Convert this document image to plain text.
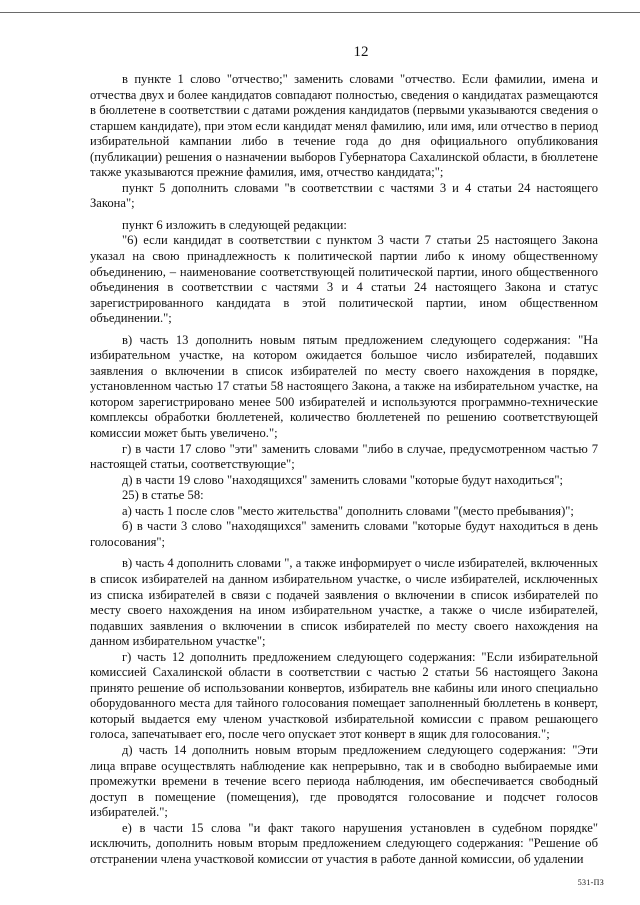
12

в пункте 1 слово "отчество;" заменить словами "отчество. Если фамилии, имена и отчества двух и более кандидатов совпадают полностью, сведения о кандидатах размещаются в бюллетене в соответствии с датами рождения кандидатов (первыми указываются сведения о старшем кандидате), при этом если кандидат менял фамилию, или имя, или отчество в период избирательной кампании либо в течение года до дня официального опубликования (публикации) решения о назначении выборов Губернатора Сахалинской области, в бюллетене также указываются прежние фамилия, имя, отчество кандидата;";

пункт 5 дополнить словами "в соответствии с частями 3 и 4 статьи 24 настоящего Закона";

пункт 6 изложить в следующей редакции:

"6) если кандидат в соответствии с пунктом 3 части 7 статьи 25 настоящего Закона указал на свою принадлежность к политической партии либо к иному общественному объединению, – наименование соответствующей политической партии, иного общественного объединения в соответствии с частями 3 и 4 статьи 24 настоящего Закона и статус зарегистрированного кандидата в этой политической партии, ином общественном объединении.";

в) часть 13 дополнить новым пятым предложением следующего содержания: "На избирательном участке, на котором ожидается большое число избирателей, подавших заявления о включении в список избирателей по месту своего нахождения в порядке, установленном частью 17 статьи 58 настоящего Закона, а также на избирательном участке, на котором зарегистрировано менее 500 избирателей и используются программно-технические комплексы обработки бюллетеней, количество бюллетеней по решению соответствующей комиссии может быть увеличено.";

г) в части 17 слово "эти" заменить словами "либо в случае, предусмотренном частью 7 настоящей статьи, соответствующие";

д) в части 19 слово "находящихся" заменить словами "которые будут находиться";

25) в статье 58:

а) часть 1 после слов "место жительства" дополнить словами "(место пребывания)";

б) в части 3 слово "находящихся" заменить словами "которые будут находиться в день голосования";

в) часть 4 дополнить словами ", а также информирует о числе избирателей, включенных в список избирателей на данном избирательном участке, о числе избирателей, исключенных из списка избирателей в связи с подачей заявления о включении в список избирателей по месту своего нахождения на ином избирательном участке, а также о числе избирателей, подавших заявления о включении в список избирателей по месту своего нахождения на данном избирательном участке";

г) часть 12 дополнить предложением следующего содержания: "Если избирательной комиссией Сахалинской области в соответствии с частью 2 статьи 56 настоящего Закона принято решение об использовании конвертов, избиратель вне кабины или иного специально оборудованного места для тайного голосования помещает заполненный бюллетень в конверт, который выдается ему членом участковой избирательной комиссии с правом решающего голоса, запечатывает его, после чего опускает этот конверт в ящик для голосования.";

д) часть 14 дополнить новым вторым предложением следующего содержания: "Эти лица вправе осуществлять наблюдение как непрерывно, так и в свободно выбираемые ими промежутки времени в течение всего периода наблюдения, им обеспечивается свободный доступ в помещение (помещения), где проводятся голосование и подсчет голосов избирателей.";

е) в части 15 слова "и факт такого нарушения установлен в судебном порядке" исключить, дополнить новым вторым предложением следующего содержания: "Решение об отстранении члена участковой комиссии от участия в работе данной комиссии, об удалении

531-ПЗ
